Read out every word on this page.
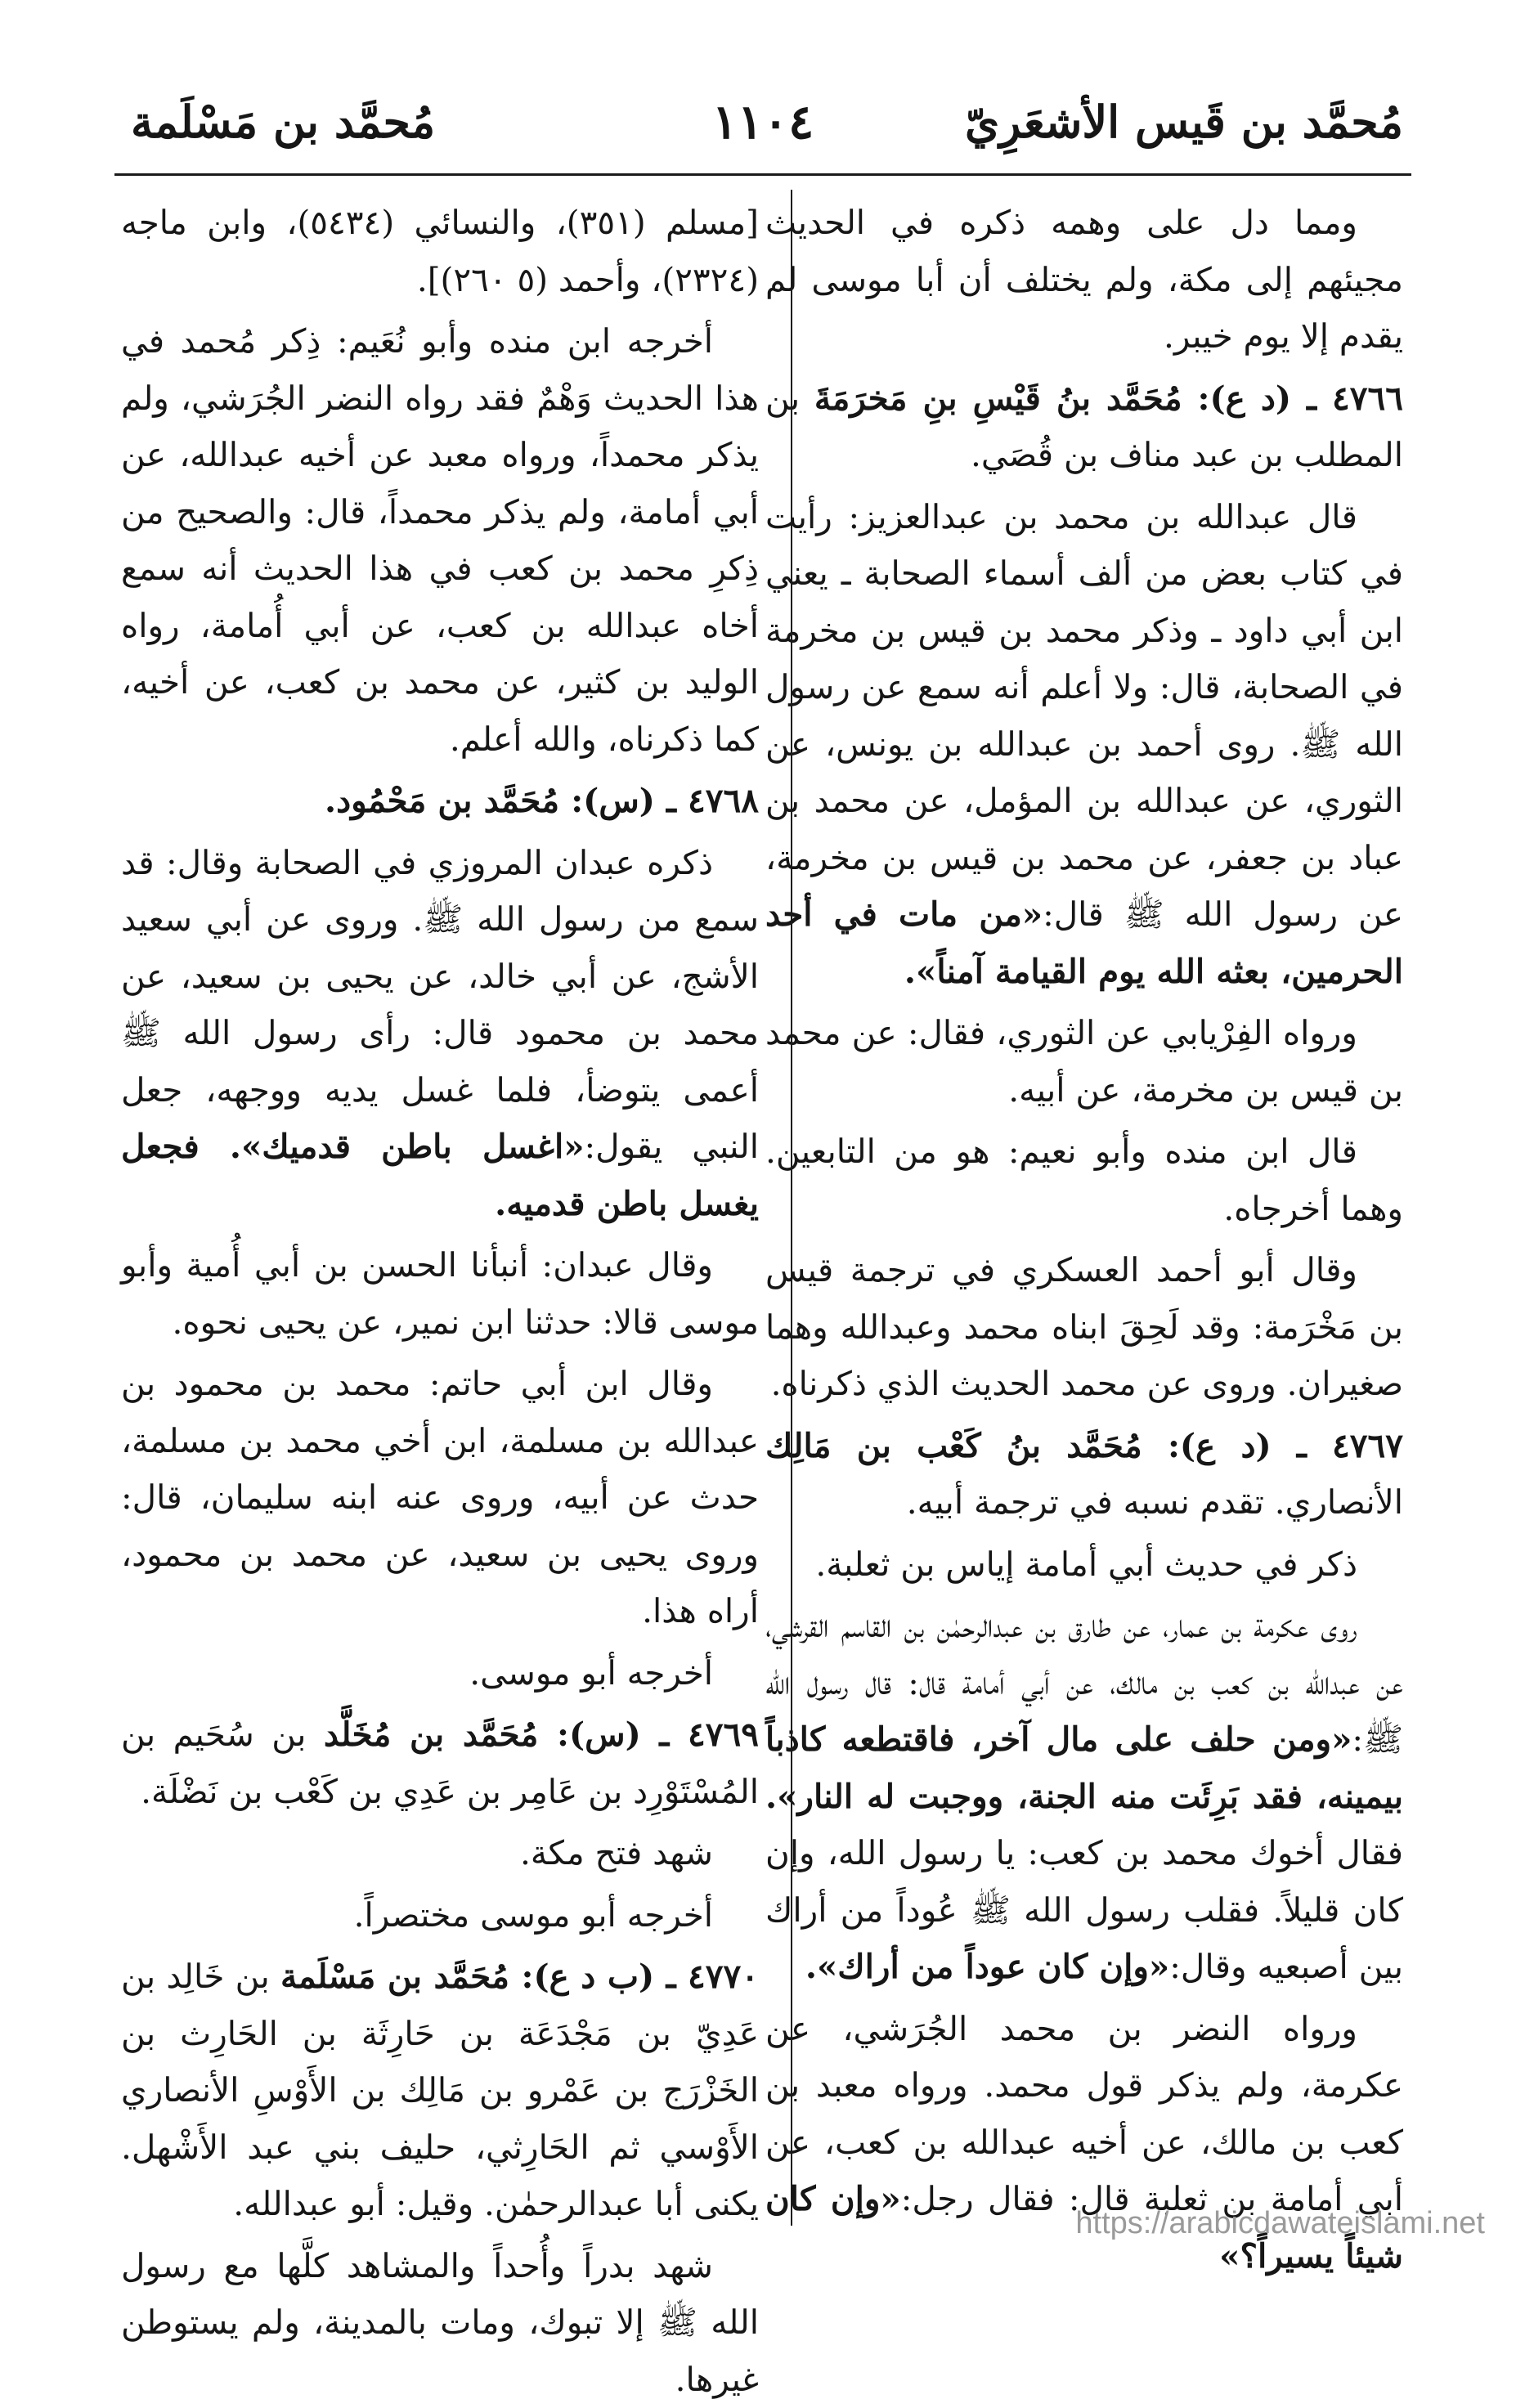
مُحمَّد بن قَيس الأشعَرِيّ
١١٠٤
مُحمَّد بن مَسْلَمة

ومما دل على وهمه ذكره في الحديث مجيئهم إلى مكة، ولم يختلف أن أبا موسى لم يقدم إلا يوم خيبر.

٤٧٦٦ ـ (د ع): مُحَمَّد بنُ قَيْسِ بنِ مَخرَمَةَ بن المطلب بن عبد مناف بن قُصَي.

قال عبدالله بن محمد بن عبدالعزيز: رأيت في كتاب بعض من ألف أسماء الصحابة ـ يعني ابن أبي داود ـ وذكر محمد بن قيس بن مخرمة في الصحابة، قال: ولا أعلم أنه سمع عن رسول الله ﷺ. روى أحمد بن عبدالله بن يونس، عن الثوري، عن عبدالله بن المؤمل، عن محمد بن عباد بن جعفر، عن محمد بن قيس بن مخرمة، عن رسول الله ﷺ قال:«من مات في أحد الحرمين، بعثه الله يوم القيامة آمناً».

ورواه الفِرْيابي عن الثوري، فقال: عن محمد بن قيس بن مخرمة، عن أبيه.

قال ابن منده وأبو نعيم: هو من التابعين. وهما أخرجاه.

وقال أبو أحمد العسكري في ترجمة قيس بن مَخْرَمة: وقد لَحِقَ ابناه محمد وعبدالله وهما صغيران. وروى عن محمد الحديث الذي ذكرناه.

٤٧٦٧ ـ (د ع): مُحَمَّد بنُ كَعْب بن مَالِك الأنصاري. تقدم نسبه في ترجمة أبيه.

ذكر في حديث أبي أمامة إياس بن ثعلبة.

روى عكرمة بن عمار، عن طارق بن عبدالرحمٰن بن القاسم القرشي، عن عبدالله بن كعب بن مالك، عن أبي أمامة قال: قال رسول الله ﷺ:«ومن حلف على مال آخر، فاقتطعه كاذباً بيمينه، فقد بَرِئَت منه الجنة، ووجبت له النار». فقال أخوك محمد بن كعب: يا رسول الله، وإن كان قليلاً. فقلب رسول الله ﷺ عُوداً من أراك بين أصبعيه وقال:«وإن كان عوداً من أراك».

ورواه النضر بن محمد الجُرَشي، عن عكرمة، ولم يذكر قول محمد. ورواه معبد بن كعب بن مالك، عن أخيه عبدالله بن كعب، عن أبي أمامة بن ثعلبة قال: فقال رجل:«وإن كان شيئاً يسيراً؟»

[مسلم (٣٥١)، والنسائي (٥٤٣٤)، وابن ماجه (٢٣٢٤)، وأحمد (٥ ٢٦٠)].

أخرجه ابن منده وأبو نُعَيم: ذِكر مُحمد في هذا الحديث وَهْمٌ فقد رواه النضر الجُرَشي، ولم يذكر محمداً، ورواه معبد عن أخيه عبدالله، عن أبي أمامة، ولم يذكر محمداً، قال: والصحيح من ذِكرِ محمد بن كعب في هذا الحديث أنه سمع أخاه عبدالله بن كعب، عن أبي أُمامة، رواه الوليد بن كثير، عن محمد بن كعب، عن أخيه، كما ذكرناه، والله أعلم.

٤٧٦٨ ـ (س): مُحَمَّد بن مَحْمُود.

ذكره عبدان المروزي في الصحابة وقال: قد سمع من رسول الله ﷺ. وروى عن أبي سعيد الأشج، عن أبي خالد، عن يحيى بن سعيد، عن محمد بن محمود قال: رأى رسول الله ﷺ أعمى يتوضأ، فلما غسل يديه ووجهه، جعل النبي يقول:«اغسل باطن قدميك». فجعل يغسل باطن قدميه.

وقال عبدان: أنبأنا الحسن بن أبي أُمية وأبو موسى قالا: حدثنا ابن نمير، عن يحيى نحوه.

وقال ابن أبي حاتم: محمد بن محمود بن عبدالله بن مسلمة، ابن أخي محمد بن مسلمة، حدث عن أبيه، وروى عنه ابنه سليمان، قال: وروى يحيى بن سعيد، عن محمد بن محمود، أراه هذا.

أخرجه أبو موسى.

٤٧٦٩ ـ (س): مُحَمَّد بن مُخَلَّد بن سُحَيم بن المُسْتَوْرِد بن عَامِر بن عَدِي بن كَعْب بن نَضْلَة.

شهد فتح مكة.

أخرجه أبو موسى مختصراً.

٤٧٧٠ ـ (ب د ع): مُحَمَّد بن مَسْلَمة بن خَالِد بن عَدِيّ بن مَجْدَعَة بن حَارِثَة بن الحَارِث بن الخَزْرَج بن عَمْرو بن مَالِك بن الأَوْسِ الأنصاري الأَوْسي ثم الحَارِثي، حليف بني عبد الأَشْهل. يكنى أبا عبدالرحمٰن. وقيل: أبو عبدالله.

شهد بدراً وأُحداً والمشاهد كلَّها مع رسول الله ﷺ إلا تبوك، ومات بالمدينة، ولم يستوطن غيرها.

https://arabicdawateislami.net
